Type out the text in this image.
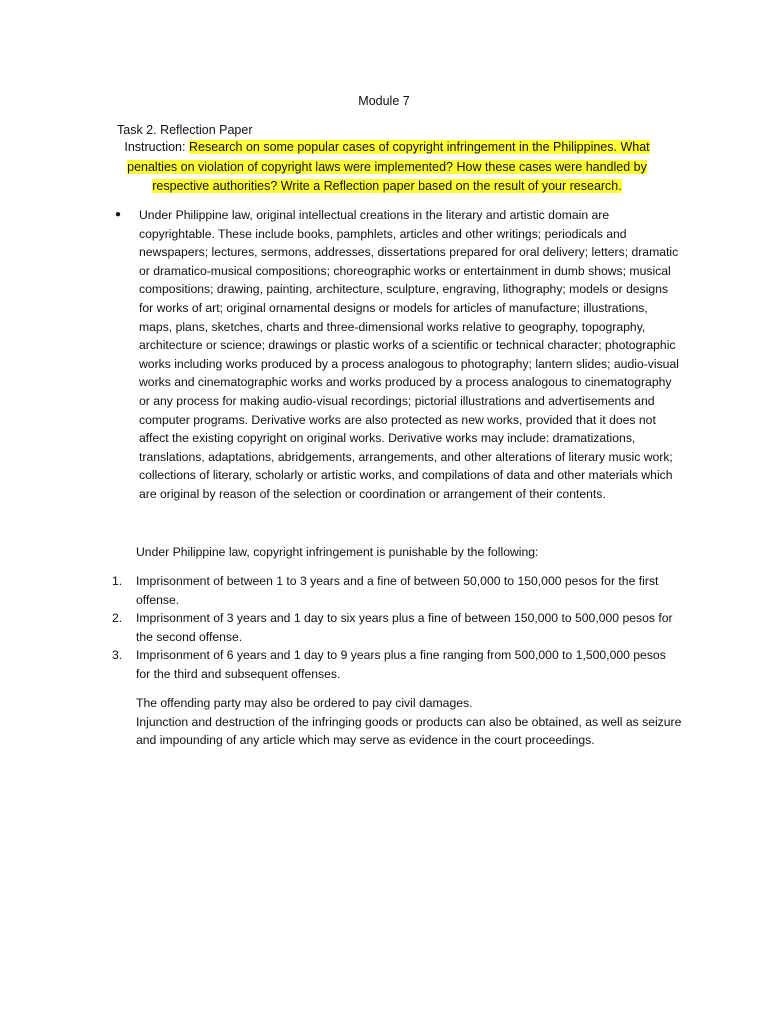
Module 7
Task 2. Reflection Paper
Instruction: Research on some popular cases of copyright infringement in the Philippines. What penalties on violation of copyright laws were implemented? How these cases were handled by respective authorities? Write a Reflection paper based on the result of your research.
●	Under Philippine law, original intellectual creations in the literary and artistic domain are copyrightable. These include books, pamphlets, articles and other writings; periodicals and newspapers; lectures, sermons, addresses, dissertations prepared for oral delivery; letters; dramatic or dramatico-musical compositions; choreographic works or entertainment in dumb shows; musical compositions; drawing, painting, architecture, sculpture, engraving, lithography; models or designs for works of art; original ornamental designs or models for articles of manufacture; illustrations, maps, plans, sketches, charts and three-dimensional works relative to geography, topography, architecture or science; drawings or plastic works of a scientific or technical character; photographic works including works produced by a process analogous to photography; lantern slides; audio-visual works and cinematographic works and works produced by a process analogous to cinematography or any process for making audio-visual recordings; pictorial illustrations and advertisements and computer programs. Derivative works are also protected as new works, provided that it does not affect the existing copyright on original works. Derivative works may include: dramatizations, translations, adaptations, abridgements, arrangements, and other alterations of literary music work; collections of literary, scholarly or artistic works, and compilations of data and other materials which are original by reason of the selection or coordination or arrangement of their contents.
Under Philippine law, copyright infringement is punishable by the following:
1.	Imprisonment of between 1 to 3 years and a fine of between 50,000 to 150,000 pesos for the first offense.
2.	Imprisonment of 3 years and 1 day to six years plus a fine of between 150,000 to 500,000 pesos for the second offense.
3.	Imprisonment of 6 years and 1 day to 9 years plus a fine ranging from 500,000 to 1,500,000 pesos for the third and subsequent offenses.
The offending party may also be ordered to pay civil damages.
Injunction and destruction of the infringing goods or products can also be obtained, as well as seizure and impounding of any article which may serve as evidence in the court proceedings.
